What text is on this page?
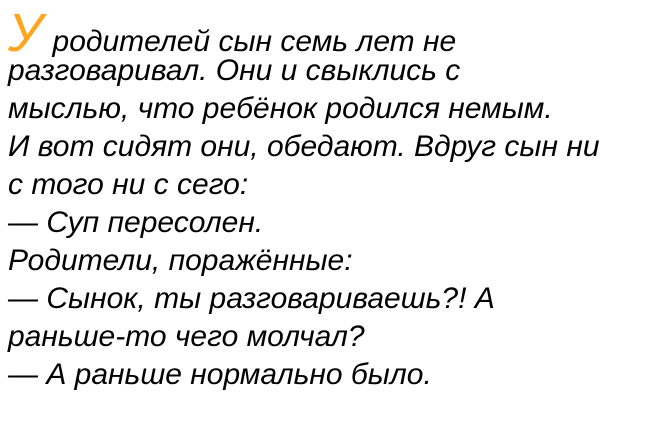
Уродителей сын семь лет не
разговаривал. Они и свыклись с
мыслью, что ребёнок родился немым.
И вот сидят они, обедают. Вдруг сын ни
с того ни с сего:
— Суп пересолен.
Родители, поражённые:
— Сынок, ты разговариваешь?! А
раньше-то чего молчал?
— А раньше нормально было.
